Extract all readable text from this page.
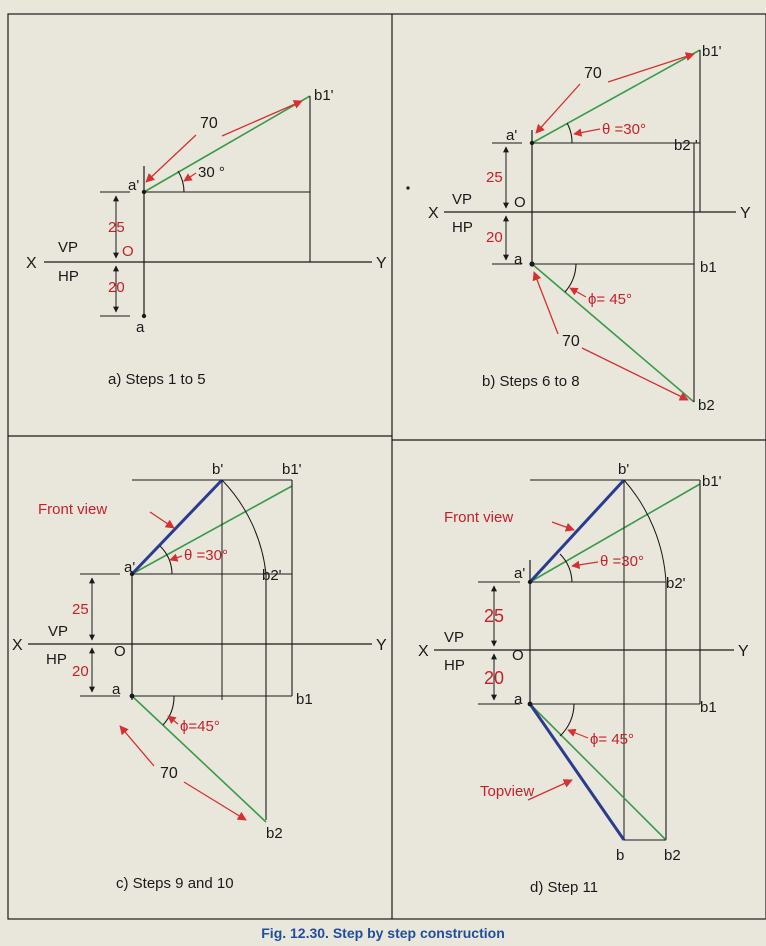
X	Y
VP
HP
O
a'
a
b1'
70
30 °
25
20
a) Steps 1 to 5
X	Y
VP
HP
O
a'
a
b1'
b2 '
b1
b2
70
θ =30°
ϕ= 45°
70
25
20
b) Steps 6 to 8
X	Y
VP
HP	O
a'
a
b'	b1'
b2'
b1
b2
Front view
θ =30°
ϕ=45°
70
25
20
c) Steps 9 and 10
X	Y
VP
HP
O
a'
a
b'
b1'
b2'
b1
b	b2
Front view
θ =30°
ϕ= 45°
Topview
25
20
d) Step 11
Fig. 12.30. Step by step construction
